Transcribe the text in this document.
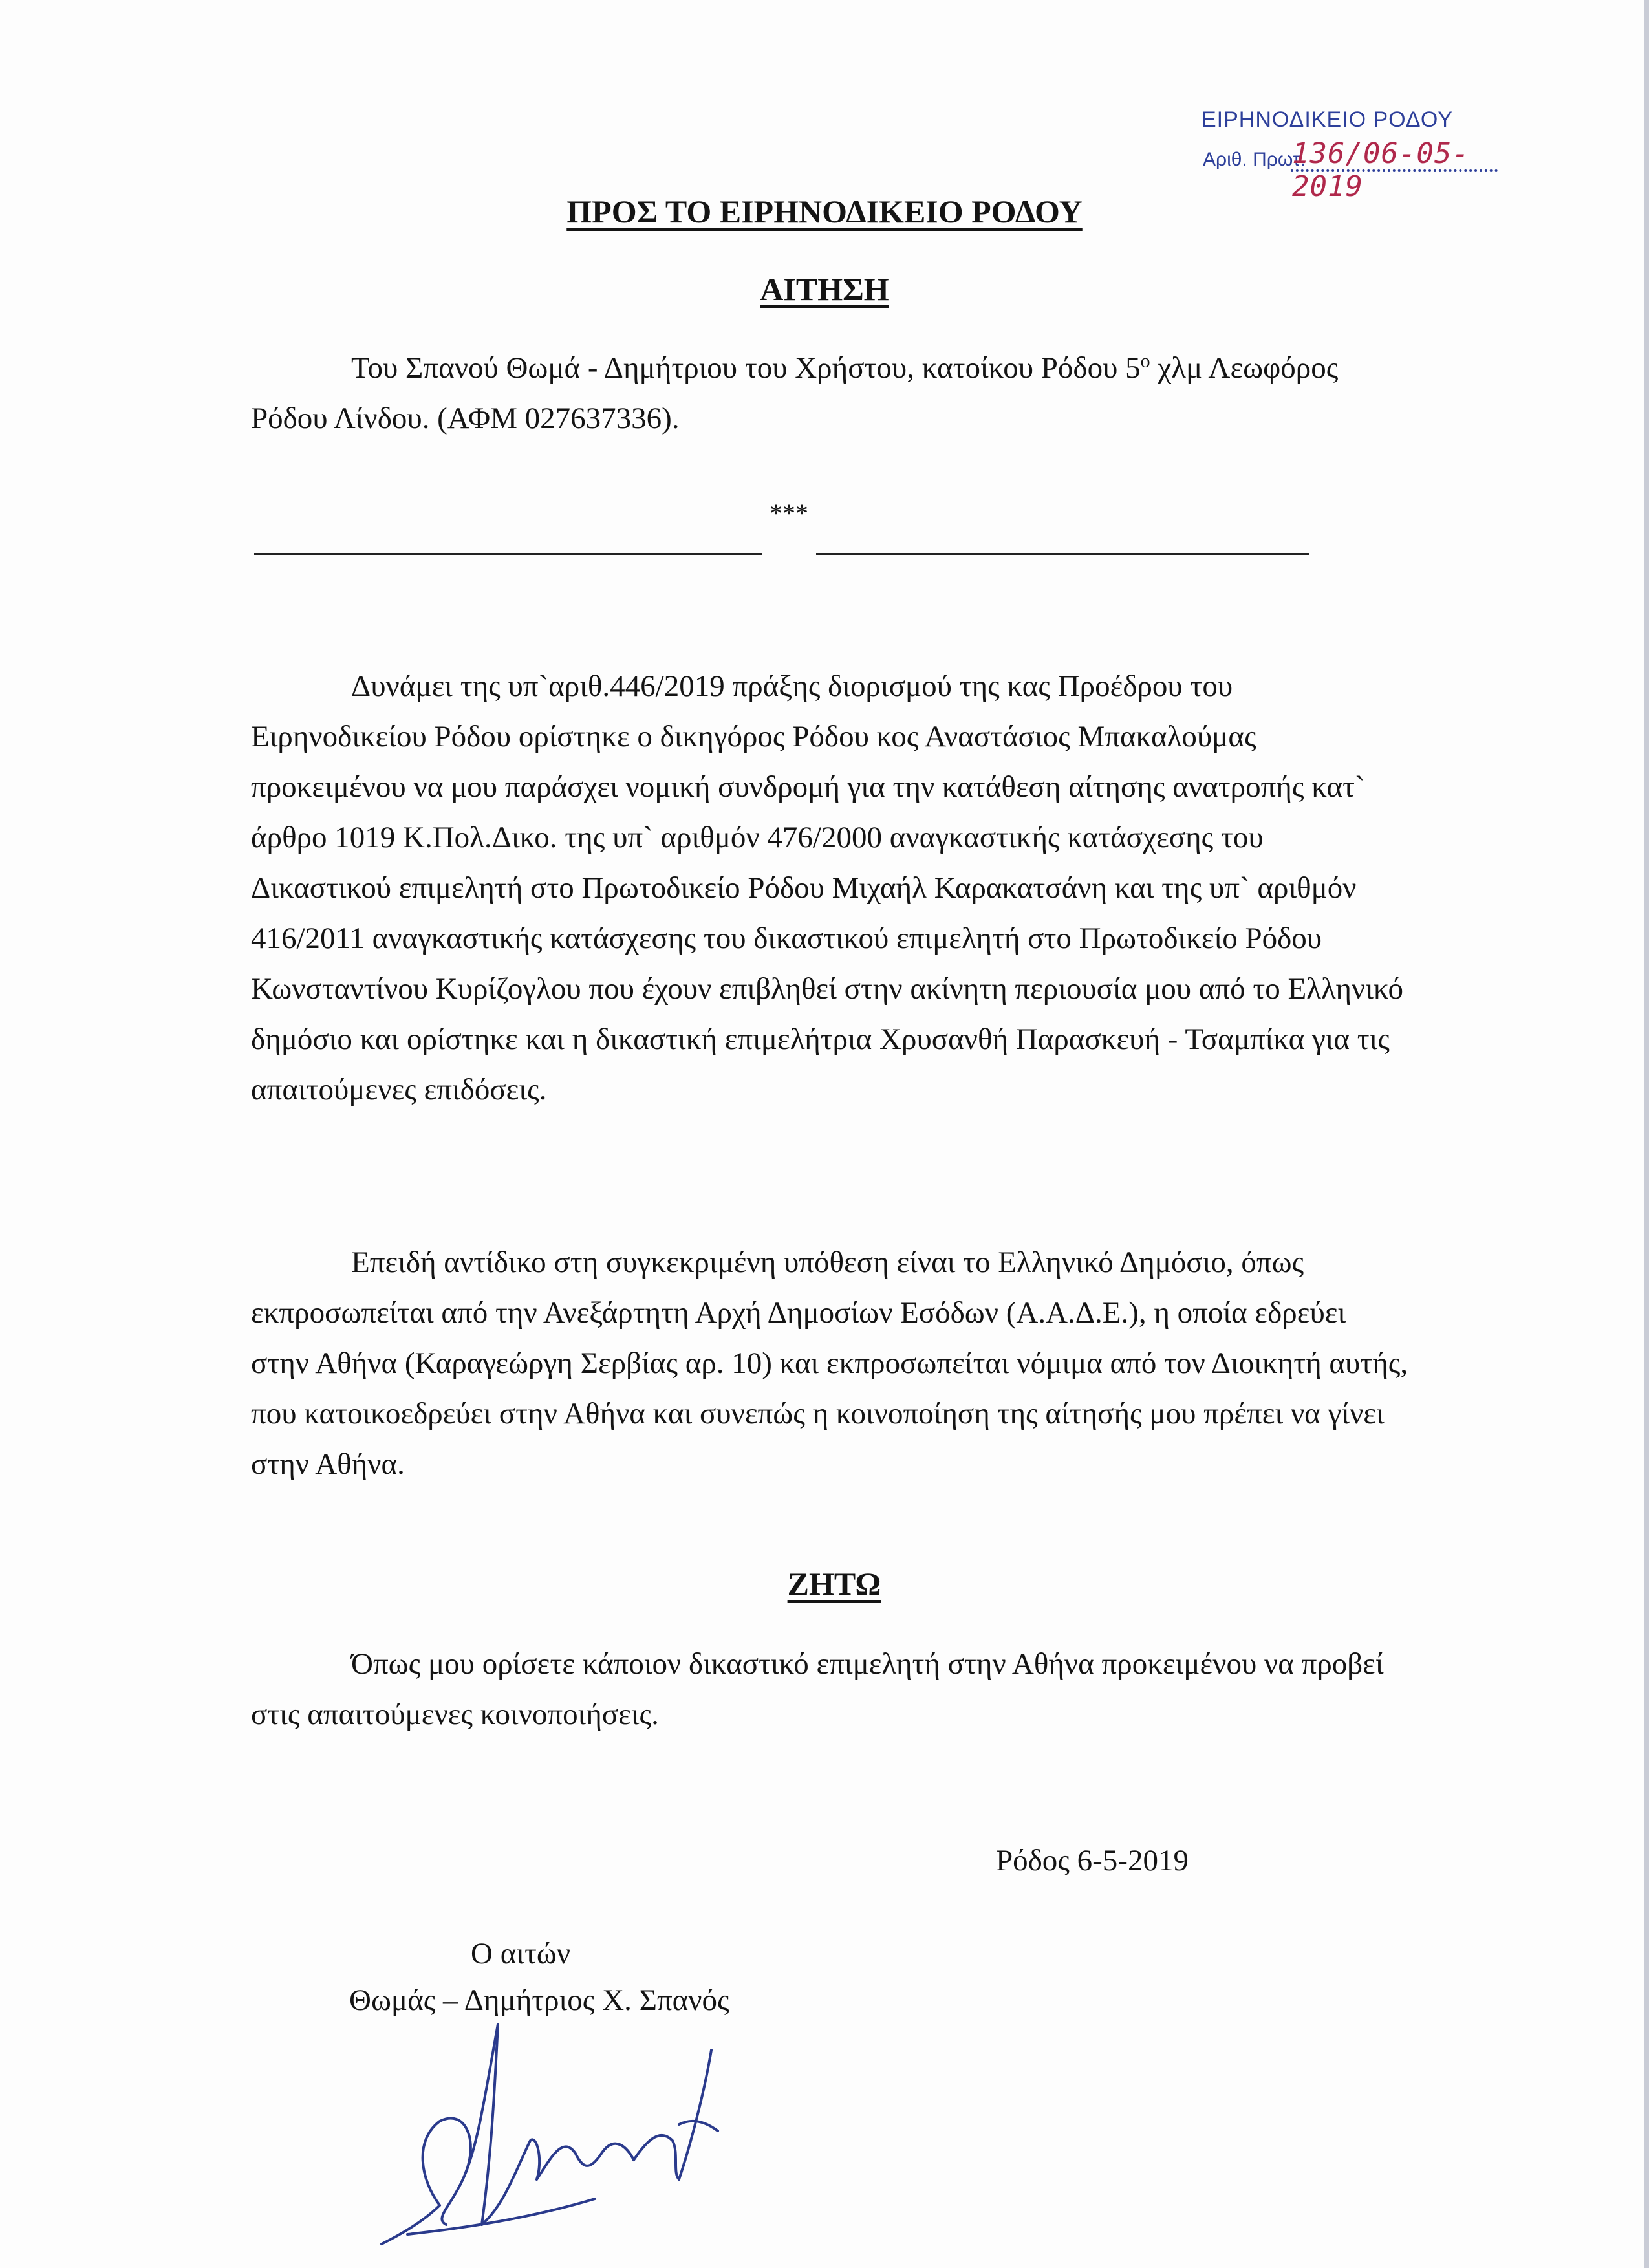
ΕΙΡΗΝΟΔΙΚΕΙΟ ΡΟΔΟΥ
Αριθ. Πρωτ.
136/06-05-2019
ΠΡΟΣ ΤΟ ΕΙΡΗΝΟΔΙΚΕΙΟ ΡΟΔΟΥ
ΑΙΤΗΣΗ

Του Σπανού Θωμά - Δημήτριου του Χρήστου, κατοίκου Ρόδου $5^o$ χλμ Λεωφόρος Ρόδου Λίνδου. (ΑΦΜ 027637336).

***

Δυνάμει της υπ`αριθ.446/2019 πράξης διορισμού της κας Προέδρου του Ειρηνοδικείου Ρόδου ορίστηκε ο δικηγόρος Ρόδου κος Αναστάσιος Μπακαλούμας προκειμένου να μου παράσχει νομική συνδρομή για την κατάθεση αίτησης ανατροπής κατ` άρθρο 1019 Κ.Πολ.Δικο. της υπ` αριθμόν 476/2000 αναγκαστικής κατάσχεσης του Δικαστικού επιμελητή στο Πρωτοδικείο Ρόδου Μιχαήλ Καρακατσάνη και της υπ` αριθμόν 416/2011 αναγκαστικής κατάσχεσης του δικαστικού επιμελητή στο Πρωτοδικείο Ρόδου Κωνσταντίνου Κυρίζογλου που έχουν επιβληθεί στην ακίνητη περιουσία μου από το Ελληνικό δημόσιο και ορίστηκε και η δικαστική επιμελήτρια Χρυσανθή Παρασκευή - Τσαμπίκα για τις απαιτούμενες επιδόσεις.

Επειδή αντίδικο στη συγκεκριμένη υπόθεση είναι το Ελληνικό Δημόσιο, όπως εκπροσωπείται από την Ανεξάρτητη Αρχή Δημοσίων Εσόδων (Α.Α.Δ.Ε.), η οποία εδρεύει στην Αθήνα (Καραγεώργη Σερβίας αρ. 10) και εκπροσωπείται νόμιμα από τον Διοικητή αυτής, που κατοικοεδρεύει στην Αθήνα και συνεπώς η κοινοποίηση της αίτησής μου πρέπει να γίνει στην Αθήνα.

ΖΗΤΩ

Όπως μου ορίσετε κάποιον δικαστικό επιμελητή στην Αθήνα προκειμένου να προβεί στις απαιτούμενες κοινοποιήσεις.

Ρόδος 6-5-2019
Ο αιτών
Θωμάς – Δημήτριος Χ. Σπανός
